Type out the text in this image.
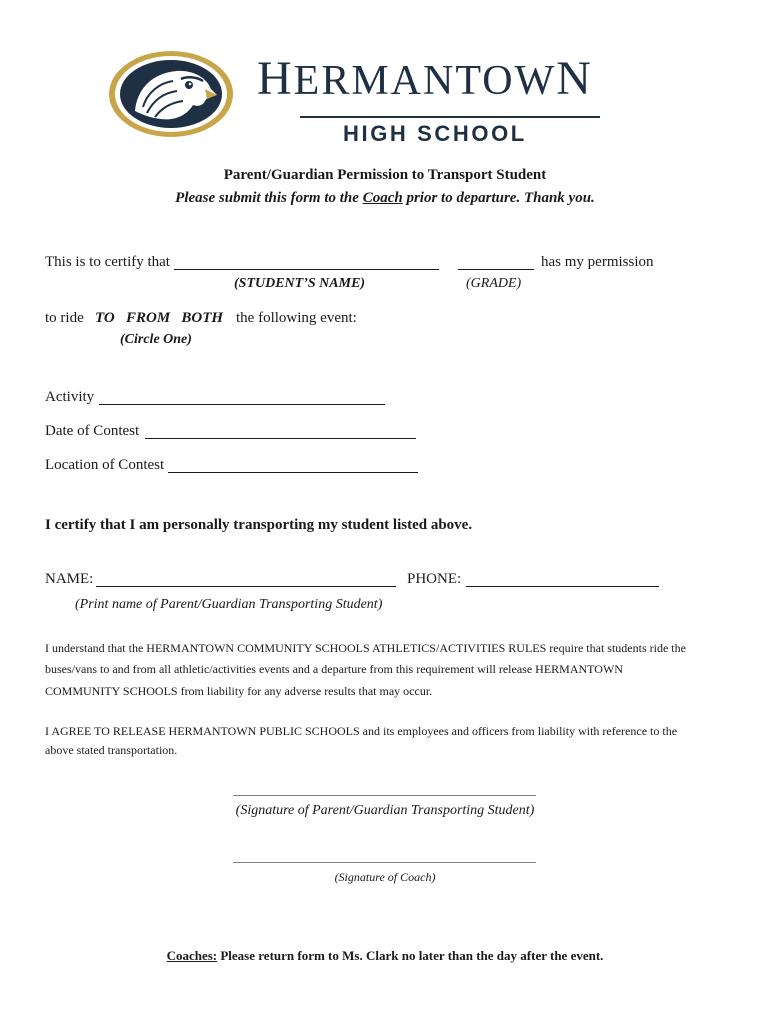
HERMANTOWN
HIGH SCHOOL
Parent/Guardian Permission to Transport Student
Please submit this form to the Coach prior to departure. Thank you.
This is to certify that	has my permission
(STUDENT’S NAME)	(GRADE)
to ride TO   FROM   BOTH the following event:
(Circle One)
Activity
Date of Contest
Location of Contest
I certify that I am personally transporting my student listed above.
NAME:	PHONE:
(Print name of Parent/Guardian Transporting Student)
I understand that the HERMANTOWN COMMUNITY SCHOOLS ATHLETICS/ACTIVITIES RULES require that students ride the
buses/vans to and from all athletic/activities events and a departure from this requirement will release HERMANTOWN
COMMUNITY SCHOOLS from liability for any adverse results that may occur.
I AGREE TO RELEASE HERMANTOWN PUBLIC SCHOOLS and its employees and officers from liability with reference to the
above stated transportation.
(Signature of Parent/Guardian Transporting Student)
(Signature of Coach)
Coaches: Please return form to Ms. Clark no later than the day after the event.
